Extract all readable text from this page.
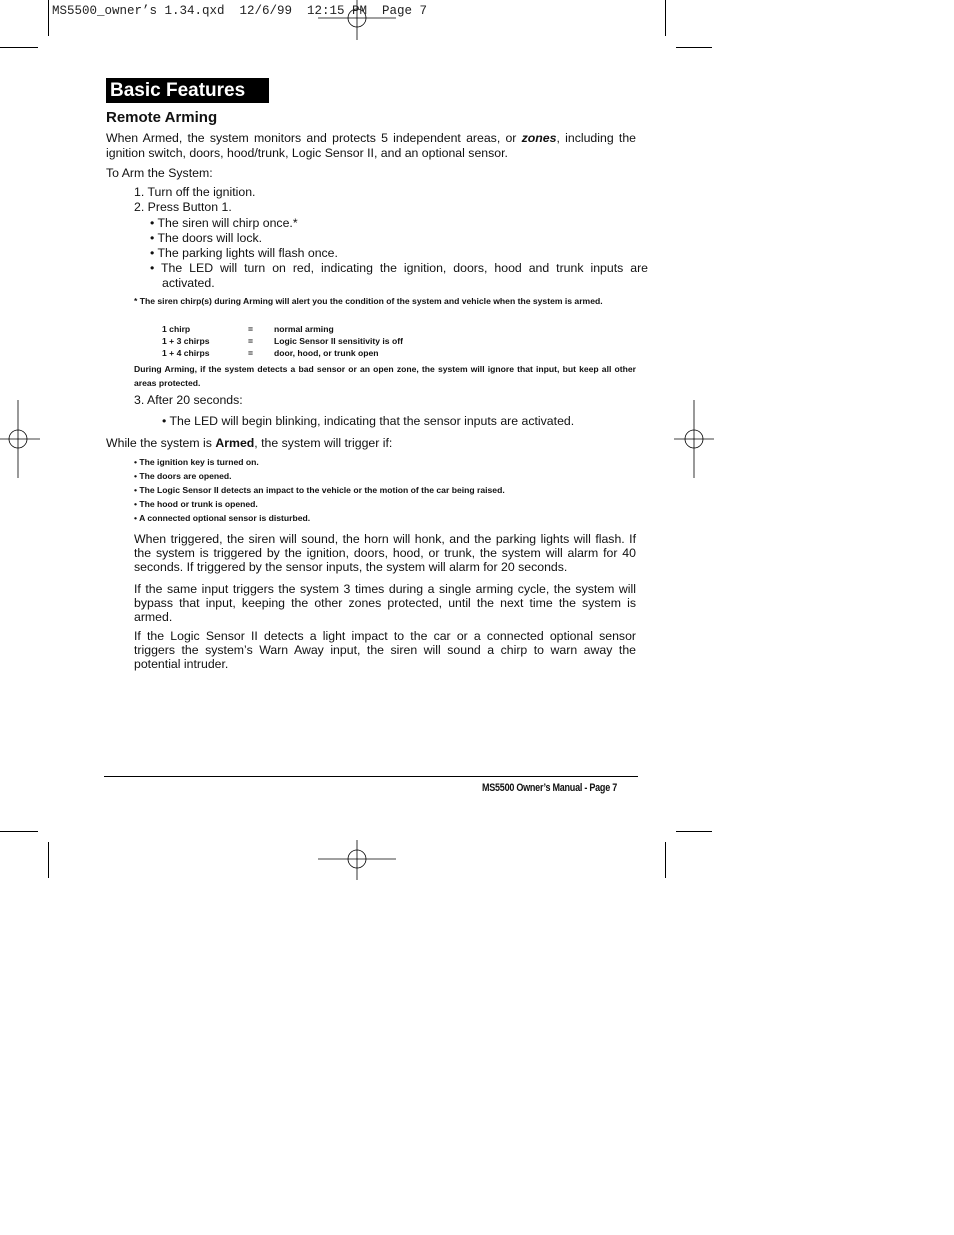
MS5500_owner’s 1.34.qxd  12/6/99  12:15 PM  Page 7
Basic Features
Remote Arming
When Armed, the system monitors and protects 5 independent areas, or zones, including the ignition switch, doors, hood/trunk, Logic Sensor II, and an optional sensor.
To Arm the System:
1. Turn off the ignition.
2. Press Button 1.
• The siren will chirp once.*
• The doors will lock.
• The parking lights will flash once.
• The LED will turn on red, indicating the ignition, doors, hood and trunk inputs are activated.
* The siren chirp(s) during Arming will alert you the condition of the system and vehicle when the system is armed.
1 chirp	= normal arming
1 + 3 chirps	= Logic Sensor II sensitivity is off
1 + 4 chirps	= door, hood, or trunk open
During Arming, if the system detects a bad sensor or an open zone, the system will ignore that input, but keep all other areas protected.
3. After 20 seconds:
• The LED will begin blinking, indicating that the sensor inputs are activated.
While the system is Armed, the system will trigger if:
• The ignition key is turned on.
• The doors are opened.
• The Logic Sensor II detects an impact to the vehicle or the motion of the car being raised.
• The hood or trunk is opened.
• A connected optional sensor is disturbed.
When triggered, the siren will sound, the horn will honk, and the parking lights will flash. If the system is triggered by the ignition, doors, hood, or trunk, the system will alarm for 40 seconds. If triggered by the sensor inputs, the system will alarm for 20 seconds.
If the same input triggers the system 3 times during a single arming cycle, the system will bypass that input, keeping the other zones protected, until the next time the system is armed.
If the Logic Sensor II detects a light impact to the car or a connected optional sensor triggers the system’s Warn Away input, the siren will sound a chirp to warn away the potential intruder.
MS5500 Owner’s Manual - Page 7
